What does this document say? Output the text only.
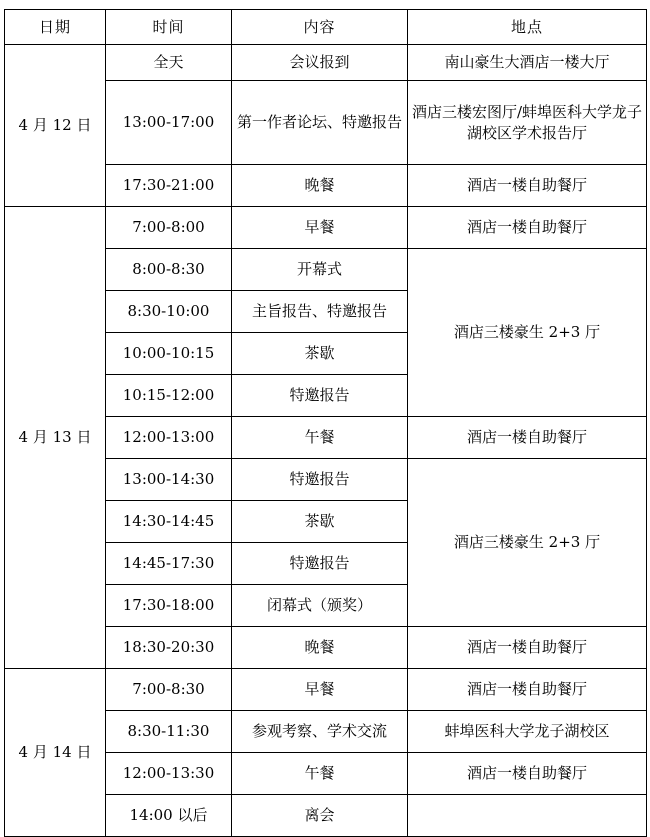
日期	时间	内容	地点
4 月 12 日	全天	会议报到	南山豪生大酒店一楼大厅
	13:00-17:00	第一作者论坛、特邀报告	酒店三楼宏图厅/蚌埠医科大学龙子湖校区学术报告厅
	17:30-21:00	晚餐	酒店一楼自助餐厅
4 月 13 日	7:00-8:00	早餐	酒店一楼自助餐厅
	8:00-8:30	开幕式	酒店三楼豪生 2+3 厅
	8:30-10:00	主旨报告、特邀报告	
	10:00-10:15	茶歇	
	10:15-12:00	特邀报告	
	12:00-13:00	午餐	酒店一楼自助餐厅
	13:00-14:30	特邀报告	酒店三楼豪生 2+3 厅
	14:30-14:45	茶歇	
	14:45-17:30	特邀报告	
	17:30-18:00	闭幕式（颁奖）	
	18:30-20:30	晚餐	酒店一楼自助餐厅
4 月 14 日	7:00-8:30	早餐	酒店一楼自助餐厅
	8:30-11:30	参观考察、学术交流	蚌埠医科大学龙子湖校区
	12:00-13:30	午餐	酒店一楼自助餐厅
	14:00 以后	离会	
